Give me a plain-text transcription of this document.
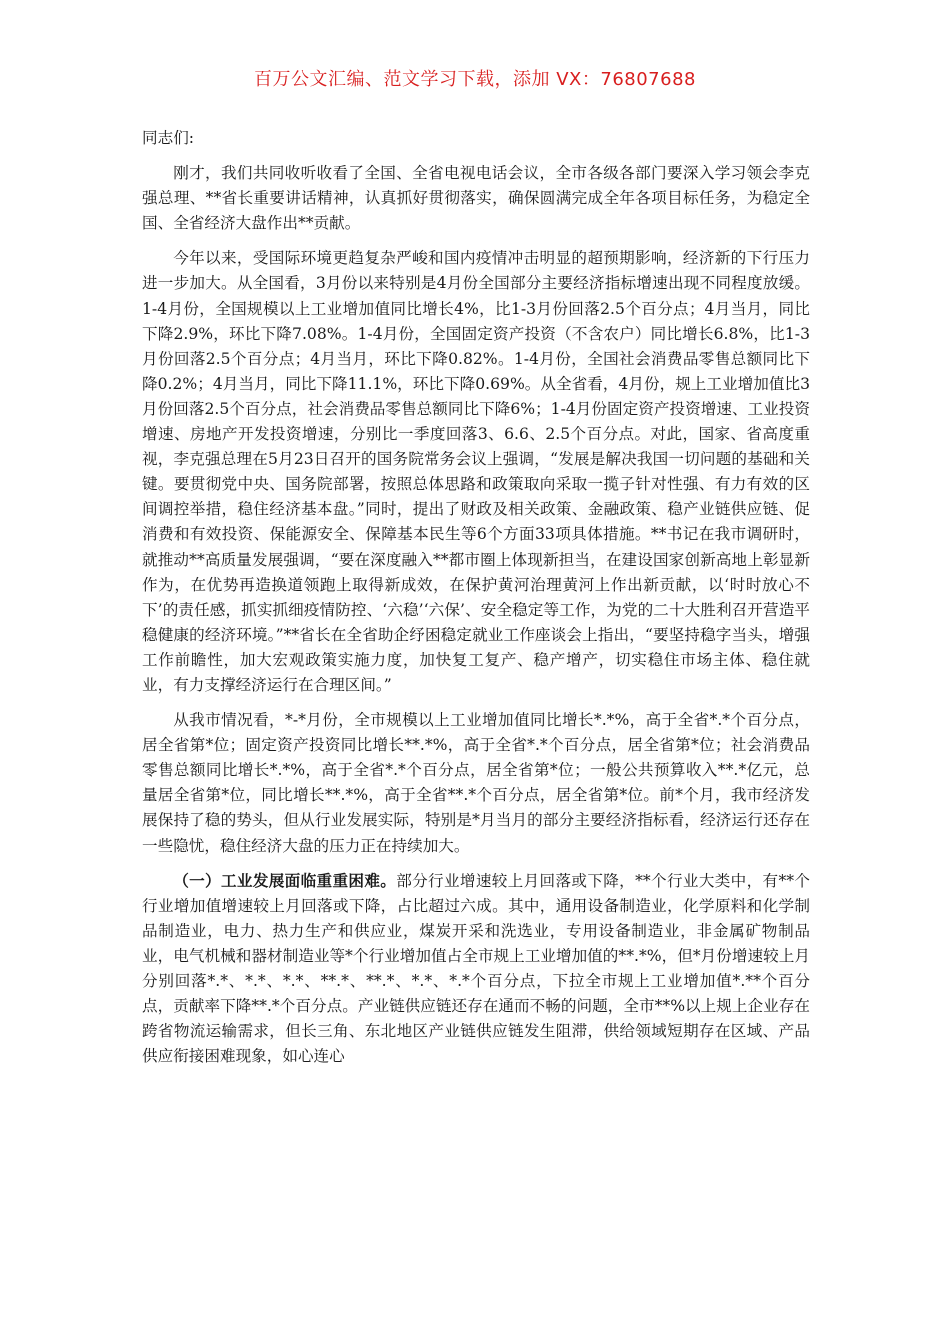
百万公文汇编、范文学习下载，添加 VX：76807688

同志们:

刚才，我们共同收听收看了全国、全省电视电话会议，全市各级各部门要深入学习领会李克强总理、**省长重要讲话精神，认真抓好贯彻落实，确保圆满完成全年各项目标任务，为稳定全国、全省经济大盘作出**贡献。

今年以来，受国际环境更趋复杂严峻和国内疫情冲击明显的超预期影响，经济新的下行压力进一步加大。从全国看，3月份以来特别是4月份全国部分主要经济指标增速出现不同程度放缓。1-4月份，全国规模以上工业增加值同比增长4%，比1-3月份回落2.5个百分点；4月当月，同比下降2.9%，环比下降7.08%。1-4月份，全国固定资产投资（不含农户）同比增长6.8%，比1-3月份回落2.5个百分点；4月当月，环比下降0.82%。1-4月份，全国社会消费品零售总额同比下降0.2%；4月当月，同比下降11.1%，环比下降0.69%。从全省看，4月份，规上工业增加值比3月份回落2.5个百分点，社会消费品零售总额同比下降6%；1-4月份固定资产投资增速、工业投资增速、房地产开发投资增速，分别比一季度回落3、6.6、2.5个百分点。对此，国家、省高度重视，李克强总理在5月23日召开的国务院常务会议上强调，“发展是解决我国一切问题的基础和关键。要贯彻党中央、国务院部署，按照总体思路和政策取向采取一揽子针对性强、有力有效的区间调控举措，稳住经济基本盘。”同时，提出了财政及相关政策、金融政策、稳产业链供应链、促消费和有效投资、保能源安全、保障基本民生等6个方面33项具体措施。**书记在我市调研时，就推动**高质量发展强调，“要在深度融入**都市圈上体现新担当，在建设国家创新高地上彰显新作为，在优势再造换道领跑上取得新成效，在保护黄河治理黄河上作出新贡献，以‘时时放心不下’的责任感，抓实抓细疫情防控、‘六稳’‘六保’、安全稳定等工作，为党的二十大胜利召开营造平稳健康的经济环境。”**省长在全省助企纾困稳定就业工作座谈会上指出，“要坚持稳字当头，增强工作前瞻性，加大宏观政策实施力度，加快复工复产、稳产增产，切实稳住市场主体、稳住就业，有力支撑经济运行在合理区间。”

从我市情况看，*-*月份，全市规模以上工业增加值同比增长*.*%，高于全省*.*个百分点，居全省第*位；固定资产投资同比增长**.*%，高于全省*.*个百分点，居全省第*位；社会消费品零售总额同比增长*.*%，高于全省*.*个百分点，居全省第*位；一般公共预算收入**.*亿元，总量居全省第*位，同比增长**.*%，高于全省**.*个百分点，居全省第*位。前*个月，我市经济发展保持了稳的势头，但从行业发展实际，特别是*月当月的部分主要经济指标看，经济运行还存在一些隐忧，稳住经济大盘的压力正在持续加大。

（一）工业发展面临重重困难。部分行业增速较上月回落或下降，**个行业大类中，有**个行业增加值增速较上月回落或下降，占比超过六成。其中，通用设备制造业，化学原料和化学制品制造业，电力、热力生产和供应业，煤炭开采和洗选业，专用设备制造业，非金属矿物制品业，电气机械和器材制造业等*个行业增加值占全市规上工业增加值的**.*%，但*月份增速较上月分别回落*.*、*.*、*.*、**.*、**.*、*.*、*.*个百分点，下拉全市规上工业增加值*.**个百分点，贡献率下降**.*个百分点。产业链供应链还存在通而不畅的问题，全市**%以上规上企业存在跨省物流运输需求，但长三角、东北地区产业链供应链发生阻滞，供给领域短期存在区域、产品供应衔接困难现象，如心连心
